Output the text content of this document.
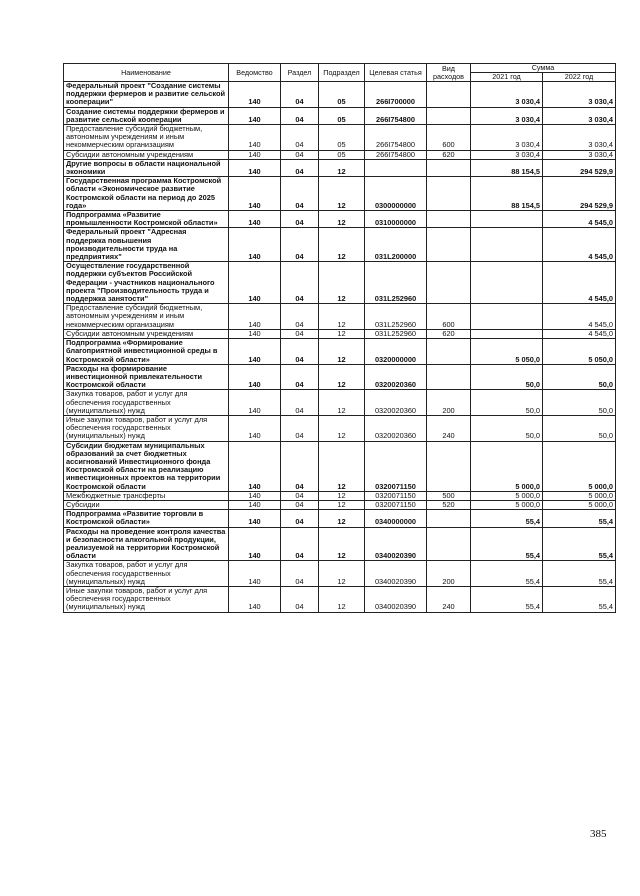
Наименование	Ведомство	Раздел	Подраздел	Целевая статья	Вид расходов	Сумма	
						2021 год	2022 год
Федеральный проект "Создание системы поддержки фермеров и развитие сельской кооперации"	140	04	05	266I700000		3 030,4	3 030,4
Создание системы поддержки фермеров и развитие сельской кооперации	140	04	05	266I754800		3 030,4	3 030,4
Предоставление субсидий бюджетным, автономным учреждениям и иным некоммерческим организациям	140	04	05	266I754800	600	3 030,4	3 030,4
Субсидии автономным учреждениям	140	04	05	266I754800	620	3 030,4	3 030,4
Другие вопросы в области национальной экономики	140	04	12			88 154,5	294 529,9
Государственная программа Костромской области «Экономическое развитие Костромской области на период до 2025 года»	140	04	12	0300000000		88 154,5	294 529,9
Подпрограмма «Развитие промышленности Костромской области»	140	04	12	0310000000			4 545,0
Федеральный проект "Адресная поддержка повышения производительности труда на предприятиях"	140	04	12	031L200000			4 545,0
Осуществление государственной поддержки субъектов Российской Федерации - участников национального проекта "Производительность труда и поддержка занятости"	140	04	12	031L252960			4 545,0
Предоставление субсидий бюджетным, автономным учреждениям и иным некоммерческим организациям	140	04	12	031L252960	600		4 545,0
Субсидии автономным учреждениям	140	04	12	031L252960	620		4 545,0
Подпрограмма «Формирование благоприятной инвестиционной среды в Костромской области»	140	04	12	0320000000		5 050,0	5 050,0
Расходы на формирование инвестиционной привлекательности Костромской области	140	04	12	0320020360		50,0	50,0
Закупка товаров, работ и услуг для обеспечения государственных (муниципальных) нужд	140	04	12	0320020360	200	50,0	50,0
Иные закупки товаров, работ и услуг для обеспечения государственных (муниципальных) нужд	140	04	12	0320020360	240	50,0	50,0
Субсидии бюджетам муниципальных образований за счет бюджетных ассигнований Инвестиционного фонда Костромской области на реализацию инвестиционных проектов на территории Костромской области	140	04	12	0320071150		5 000,0	5 000,0
Межбюджетные трансферты	140	04	12	0320071150	500	5 000,0	5 000,0
Субсидии	140	04	12	0320071150	520	5 000,0	5 000,0
Подпрограмма «Развитие торговли в Костромской области»	140	04	12	0340000000		55,4	55,4
Расходы на проведение контроля качества и безопасности алкогольной продукции, реализуемой на территории Костромской области	140	04	12	0340020390		55,4	55,4
Закупка товаров, работ и услуг для обеспечения государственных (муниципальных) нужд	140	04	12	0340020390	200	55,4	55,4
Иные закупки товаров, работ и услуг для обеспечения государственных (муниципальных) нужд	140	04	12	0340020390	240	55,4	55,4
385
